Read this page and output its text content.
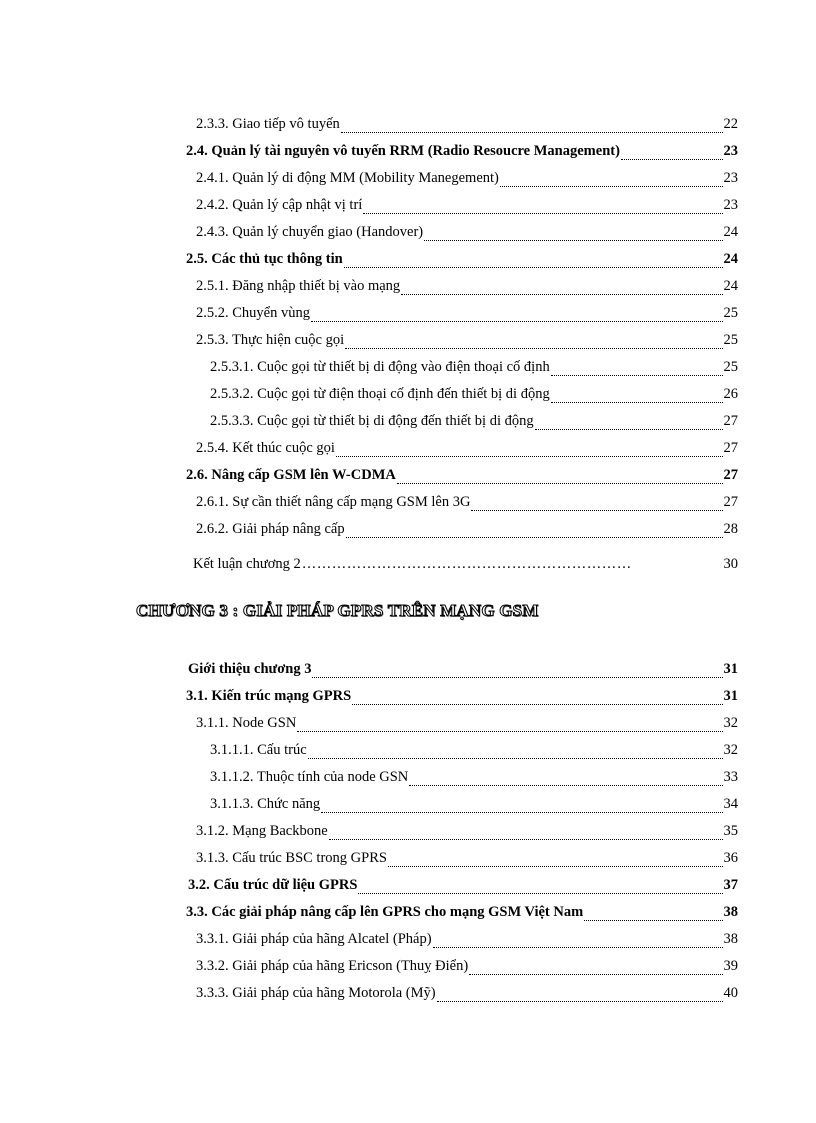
2.3.3. Giao tiếp vô tuyến	22
2.4. Quản lý tài nguyên vô tuyến RRM (Radio Resoucre Management)	23
2.4.1. Quản lý di động MM (Mobility Manegement)	23
2.4.2. Quản lý cập nhật vị trí	23
2.4.3. Quản lý chuyển giao (Handover)	24
2.5. Các thủ tục thông tin	24
2.5.1. Đăng nhập thiết bị vào mạng	24
2.5.2. Chuyển vùng	25
2.5.3. Thực hiện cuộc gọi	25
2.5.3.1. Cuộc gọi từ thiết bị di động vào điện thoại cố định	25
2.5.3.2. Cuộc gọi từ điện thoại cố định đến thiết bị di động	26
2.5.3.3. Cuộc gọi từ thiết bị di động đến thiết bị di động	27
2.5.4. Kết thúc cuộc gọi	27
2.6. Nâng cấp GSM lên W-CDMA	27
2.6.1. Sự cần thiết nâng cấp mạng GSM lên 3G	27
2.6.2. Giải pháp nâng cấp	28
Kết luận chương 2 …………………………………………………………	30
CHƯƠNG 3 : GIẢI PHÁP GPRS TRÊN MẠNG GSM
Giới thiệu chương 3	31
3.1. Kiến trúc mạng GPRS	31
3.1.1. Node GSN	32
3.1.1.1. Cấu trúc	32
3.1.1.2. Thuộc tính của node GSN	33
3.1.1.3. Chức năng	34
3.1.2. Mạng Backbone	35
3.1.3. Cấu trúc BSC trong GPRS	36
3.2. Cấu trúc dữ liệu GPRS	37
3.3. Các giải pháp nâng cấp lên GPRS cho mạng GSM Việt Nam	38
3.3.1. Giải pháp của hãng Alcatel (Pháp)	38
3.3.2. Giải pháp của hãng Ericson (Thuỵ Điển)	39
3.3.3. Giải pháp của hãng Motorola (Mỹ)	40
